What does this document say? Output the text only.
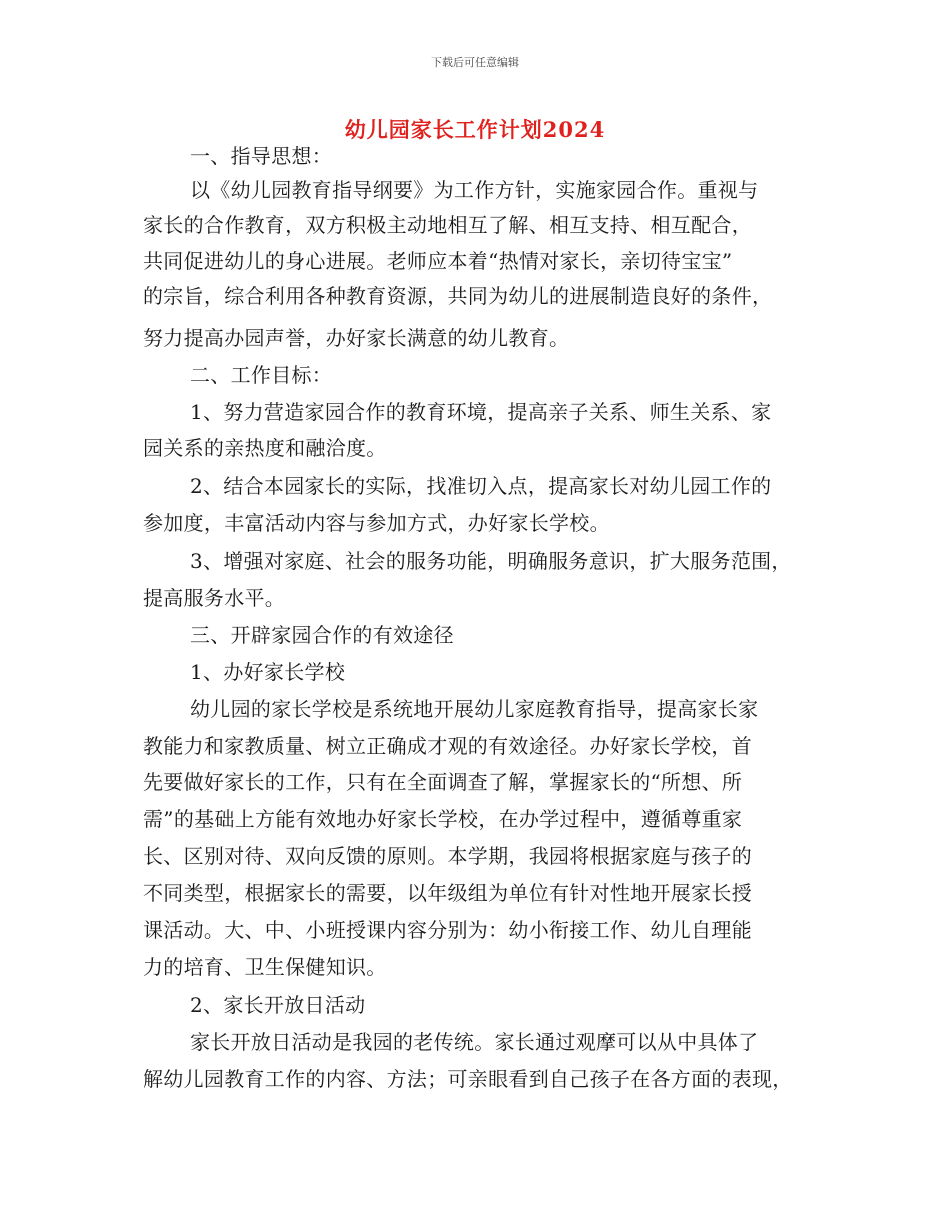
下载后可任意编辑
幼儿园家长工作计划2024
一、指导思想：
以《幼儿园教育指导纲要》为工作方针，实施家园合作。重视与
家长的合作教育，双方积极主动地相互了解、相互支持、相互配合，
共同促进幼儿的身心进展。老师应本着“热情对家长，亲切待宝宝”
的宗旨，综合利用各种教育资源，共同为幼儿的进展制造良好的条件，
努力提高办园声誉，办好家长满意的幼儿教育。
二、工作目标：
1、努力营造家园合作的教育环境，提高亲子关系、师生关系、家
园关系的亲热度和融洽度。
2、结合本园家长的实际，找准切入点，提高家长对幼儿园工作的
参加度，丰富活动内容与参加方式，办好家长学校。
3、增强对家庭、社会的服务功能，明确服务意识，扩大服务范围，
提高服务水平。
三、开辟家园合作的有效途径
1、办好家长学校
幼儿园的家长学校是系统地开展幼儿家庭教育指导，提高家长家
教能力和家教质量、树立正确成才观的有效途径。办好家长学校，首
先要做好家长的工作，只有在全面调查了解，掌握家长的“所想、所
需”的基础上方能有效地办好家长学校，在办学过程中，遵循尊重家
长、区别对待、双向反馈的原则。本学期，我园将根据家庭与孩子的
不同类型，根据家长的需要，以年级组为单位有针对性地开展家长授
课活动。大、中、小班授课内容分别为：幼小衔接工作、幼儿自理能
力的培育、卫生保健知识。
2、家长开放日活动
家长开放日活动是我园的老传统。家长通过观摩可以从中具体了
解幼儿园教育工作的内容、方法；可亲眼看到自己孩子在各方面的表现，
